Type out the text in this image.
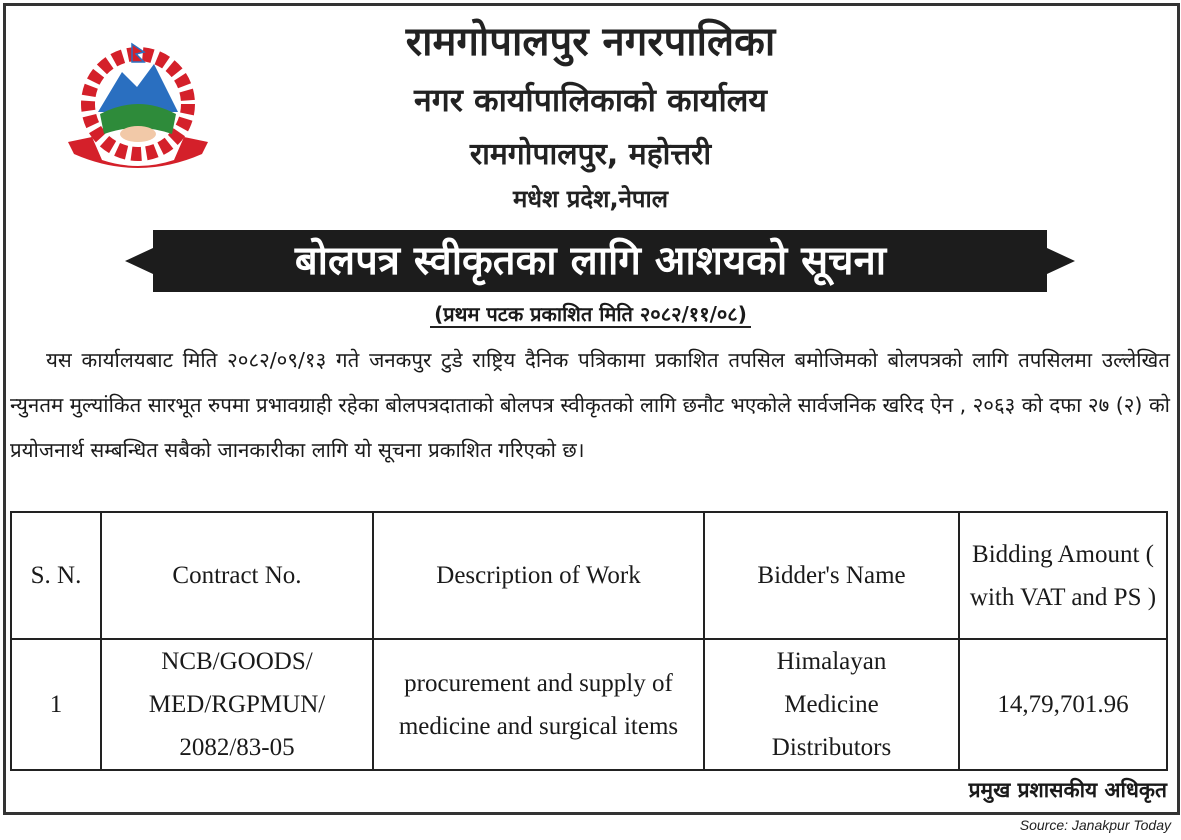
रामगोपालपुर नगरपालिका
नगर कार्यापालिकाको कार्यालय
रामगोपालपुर, महोत्तरी
मधेश प्रदेश,नेपाल
बोलपत्र स्वीकृतका लागि आशयको सूचना
(प्रथम पटक प्रकाशित मिति २०८२/११/०८)
यस कार्यालयबाट मिति २०८२/०९/१३ गते जनकपुर टुडे राष्ट्रिय दैनिक पत्रिकामा प्रकाशित तपसिल बमोजिमको बोलपत्रको लागि तपसिलमा उल्लेखित न्युनतम मुल्यांकित सारभूत रुपमा प्रभावग्राही रहेका बोलपत्रदाताको बोलपत्र स्वीकृतको लागि छनौट भएकोले सार्वजनिक खरिद ऐन , २०६३ को दफा २७ (२) को प्रयोजनार्थ सम्बन्धित सबैको जानकारीका लागि यो सूचना प्रकाशित गरिएको छ।
S. N.	Contract No.	Description of Work	Bidder's Name	Bidding Amount ( with VAT and PS )
1	NCB/GOODS/ MED/RGPMUN/ 2082/83-05	procurement and supply of medicine and surgical items	Himalayan Medicine Distributors	14,79,701.96
प्रमुख प्रशासकीय अधिकृत
Source: Janakpur Today
